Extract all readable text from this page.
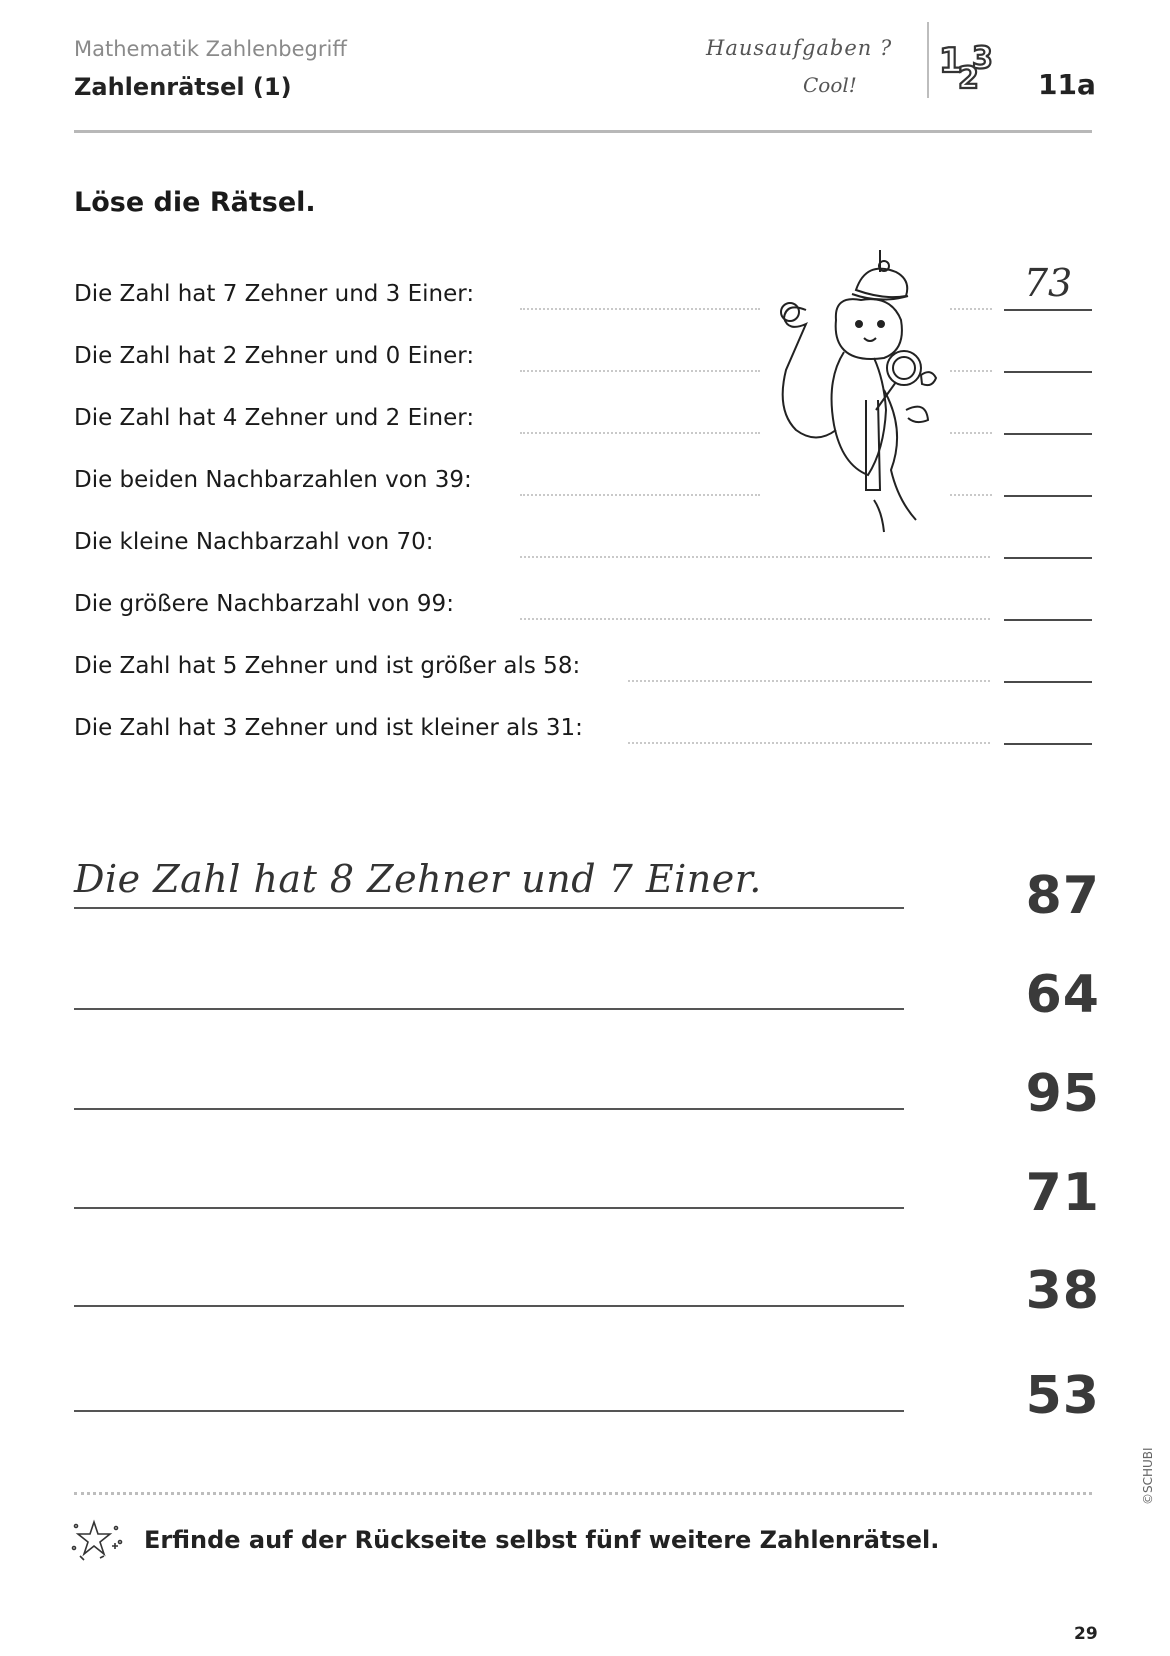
Mathematik Zahlenbegriff
Zahlenrätsel (1)
Hausaufgaben ?
Cool!
1
2
3
11a
Löse die Rätsel.
Die Zahl hat 7 Zehner und 3 Einer:	73
Die Zahl hat 2 Zehner und 0 Einer:
Die Zahl hat 4 Zehner und 2 Einer:
Die beiden Nachbarzahlen von 39:
Die kleine Nachbarzahl von 70:
Die größere Nachbarzahl von 99:
Die Zahl hat 5 Zehner und ist größer als 58:
Die Zahl hat 3 Zehner und ist kleiner als 31:
Die Zahl hat 8 Zehner und 7 Einer.	87
64
95
71
38
53
Erfinde auf der Rückseite selbst fünf weitere Zahlenrätsel.
©SCHUBI
29
